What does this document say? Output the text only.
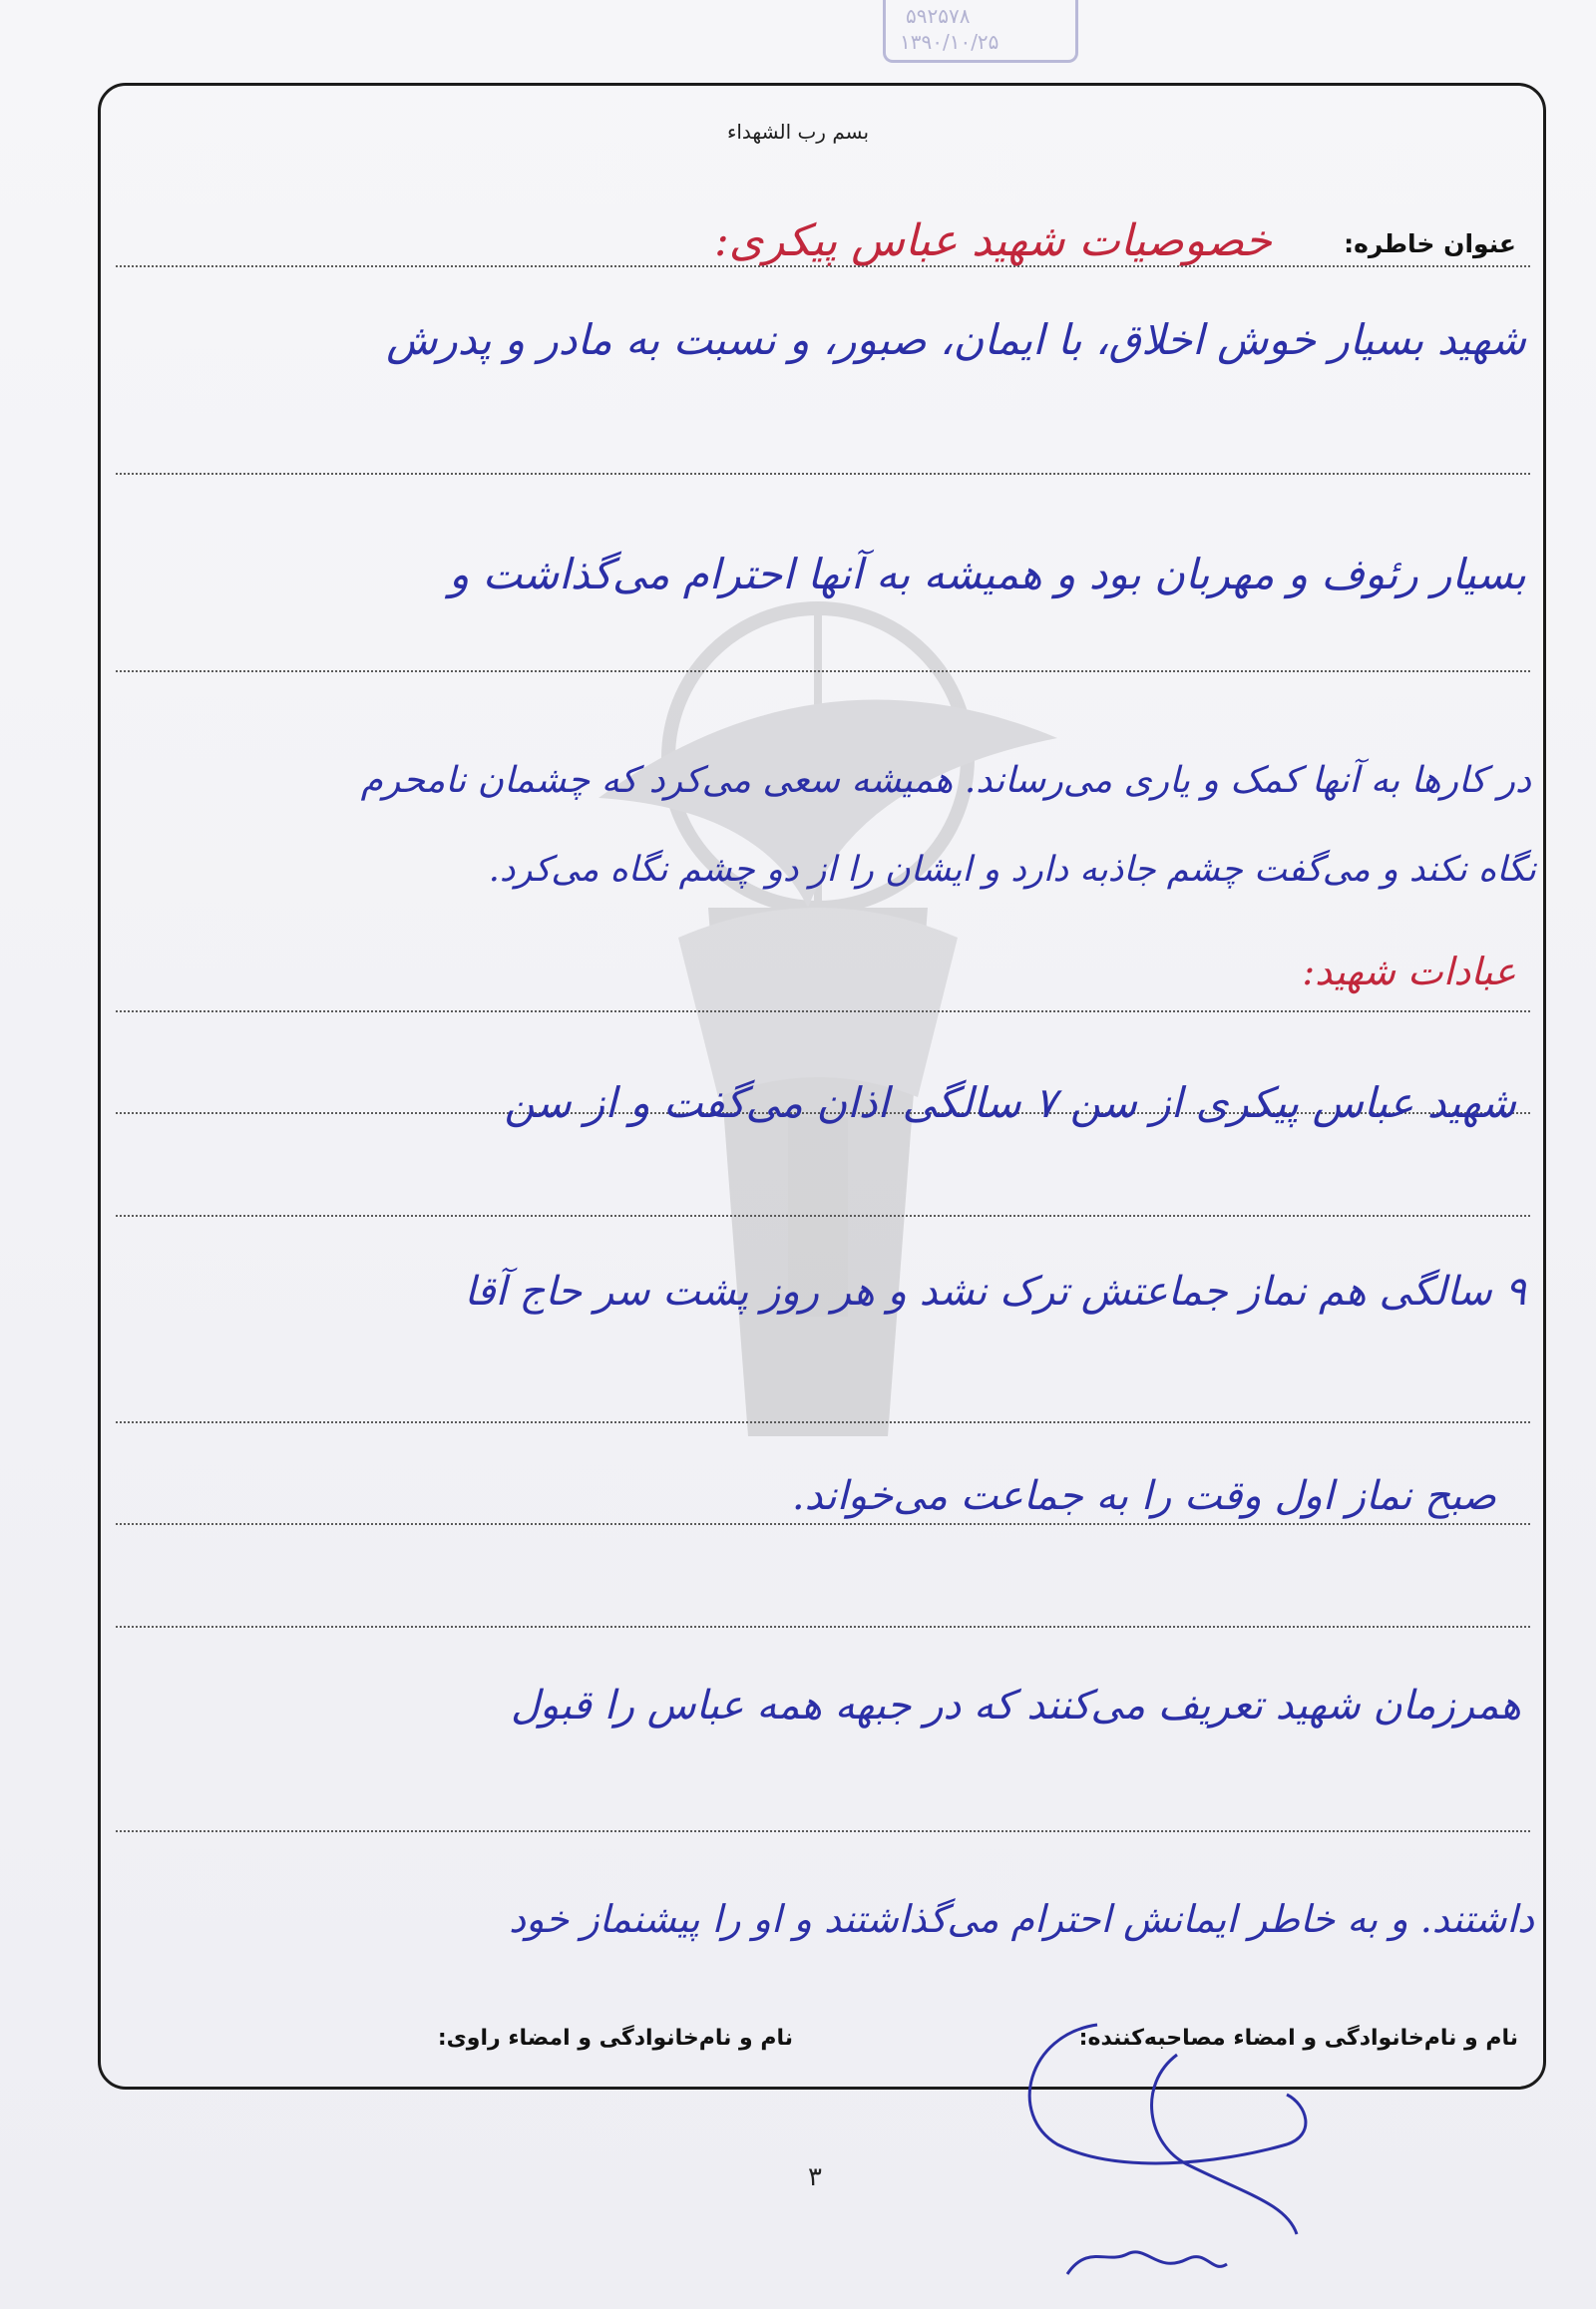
۵۹۲۵۷۸
۱۳۹۰/۱۰/۲۵
بسم رب الشهداء
عنوان خاطره:
خصوصیات شهید عباس پیکری:
شهید بسیار خوش اخلاق، با ایمان، صبور، و نسبت به مادر و پدرش
بسیار رئوف و مهربان بود و همیشه به آنها احترام می‌گذاشت و
در کارها به آنها کمک و یاری می‌رساند. همیشه سعی می‌کرد که چشمان نامحرم
نگاه نکند و می‌گفت چشم جاذبه دارد و ایشان را از دو چشم نگاه می‌کرد.
عبادات شهید:
شهید عباس پیکری از سن ۷ سالگی اذان می‌گفت و از سن
۹ سالگی هم نماز جماعتش ترک نشد و هر روز پشت سر حاج آقا
صبح نماز اول وقت را به جماعت می‌خواند.
همرزمان شهید تعریف می‌کنند که در جبهه همه عباس را قبول
داشتند. و به خاطر ایمانش احترام می‌گذاشتند و او را پیشنماز خود
نام و نام‌خانوادگی و امضاء مصاحبه‌کننده:
نام و نام‌خانوادگی و امضاء راوی:
۳
